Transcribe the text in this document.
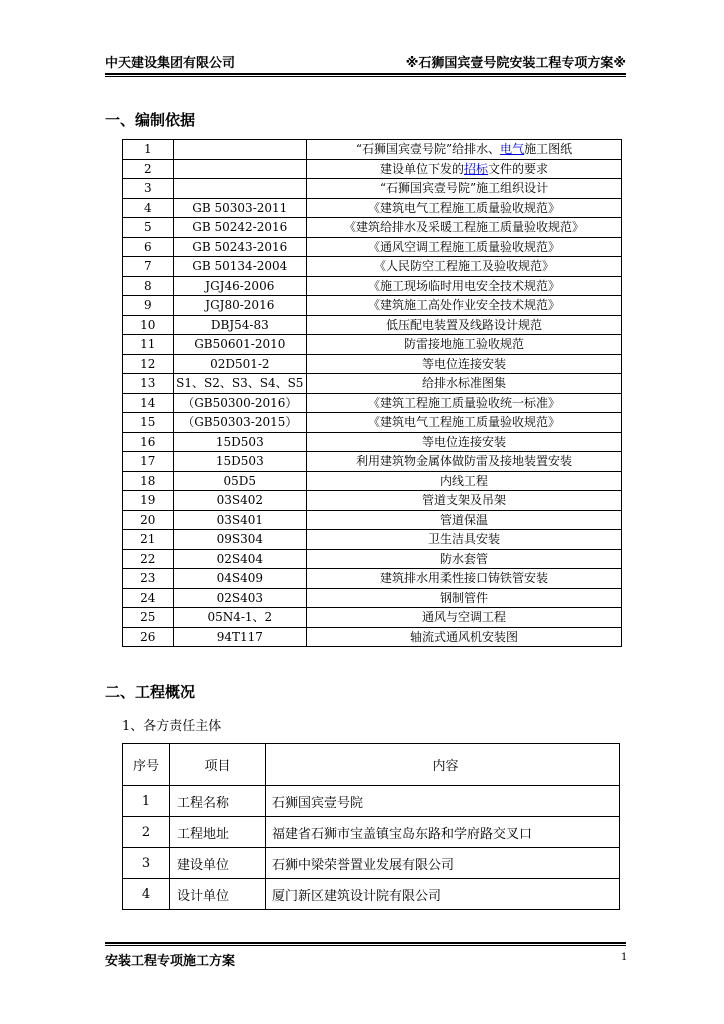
中天建设集团有限公司	※石狮国宾壹号院安装工程专项方案※
一、编制依据
1		“石狮国宾壹号院”给排水、电气施工图纸
2		建设单位下发的招标文件的要求
3		“石狮国宾壹号院”施工组织设计
4	GB 50303-2011	《建筑电气工程施工质量验收规范》
5	GB 50242-2016	《建筑给排水及采暖工程施工质量验收规范》
6	GB 50243-2016	《通风空调工程施工质量验收规范》
7	GB 50134-2004	《人民防空工程施工及验收规范》
8	JGJ46-2006	《施工现场临时用电安全技术规范》
9	JGJ80-2016	《建筑施工高处作业安全技术规范》
10	DBJ54-83	低压配电装置及线路设计规范
11	GB50601-2010	防雷接地施工验收规范
12	02D501-2	等电位连接安装
13	S1、S2、S3、S4、S5	给排水标准图集
14	（GB50300-2016）	《建筑工程施工质量验收统一标准》
15	（GB50303-2015）	《建筑电气工程施工质量验收规范》
16	15D503	等电位连接安装
17	15D503	利用建筑物金属体做防雷及接地装置安装
18	05D5	内线工程
19	03S402	管道支架及吊架
20	03S401	管道保温
21	09S304	卫生洁具安装
22	02S404	防水套管
23	04S409	建筑排水用柔性接口铸铁管安装
24	02S403	钢制管件
25	05N4-1、2	通风与空调工程
26	94T117	轴流式通风机安装图
二、工程概况
1、各方责任主体
序号	项目	内容
1	工程名称	石狮国宾壹号院
2	工程地址	福建省石狮市宝盖镇宝岛东路和学府路交叉口
3	建设单位	石狮中梁荣誉置业发展有限公司
4	设计单位	厦门新区建筑设计院有限公司
安装工程专项施工方案	1
